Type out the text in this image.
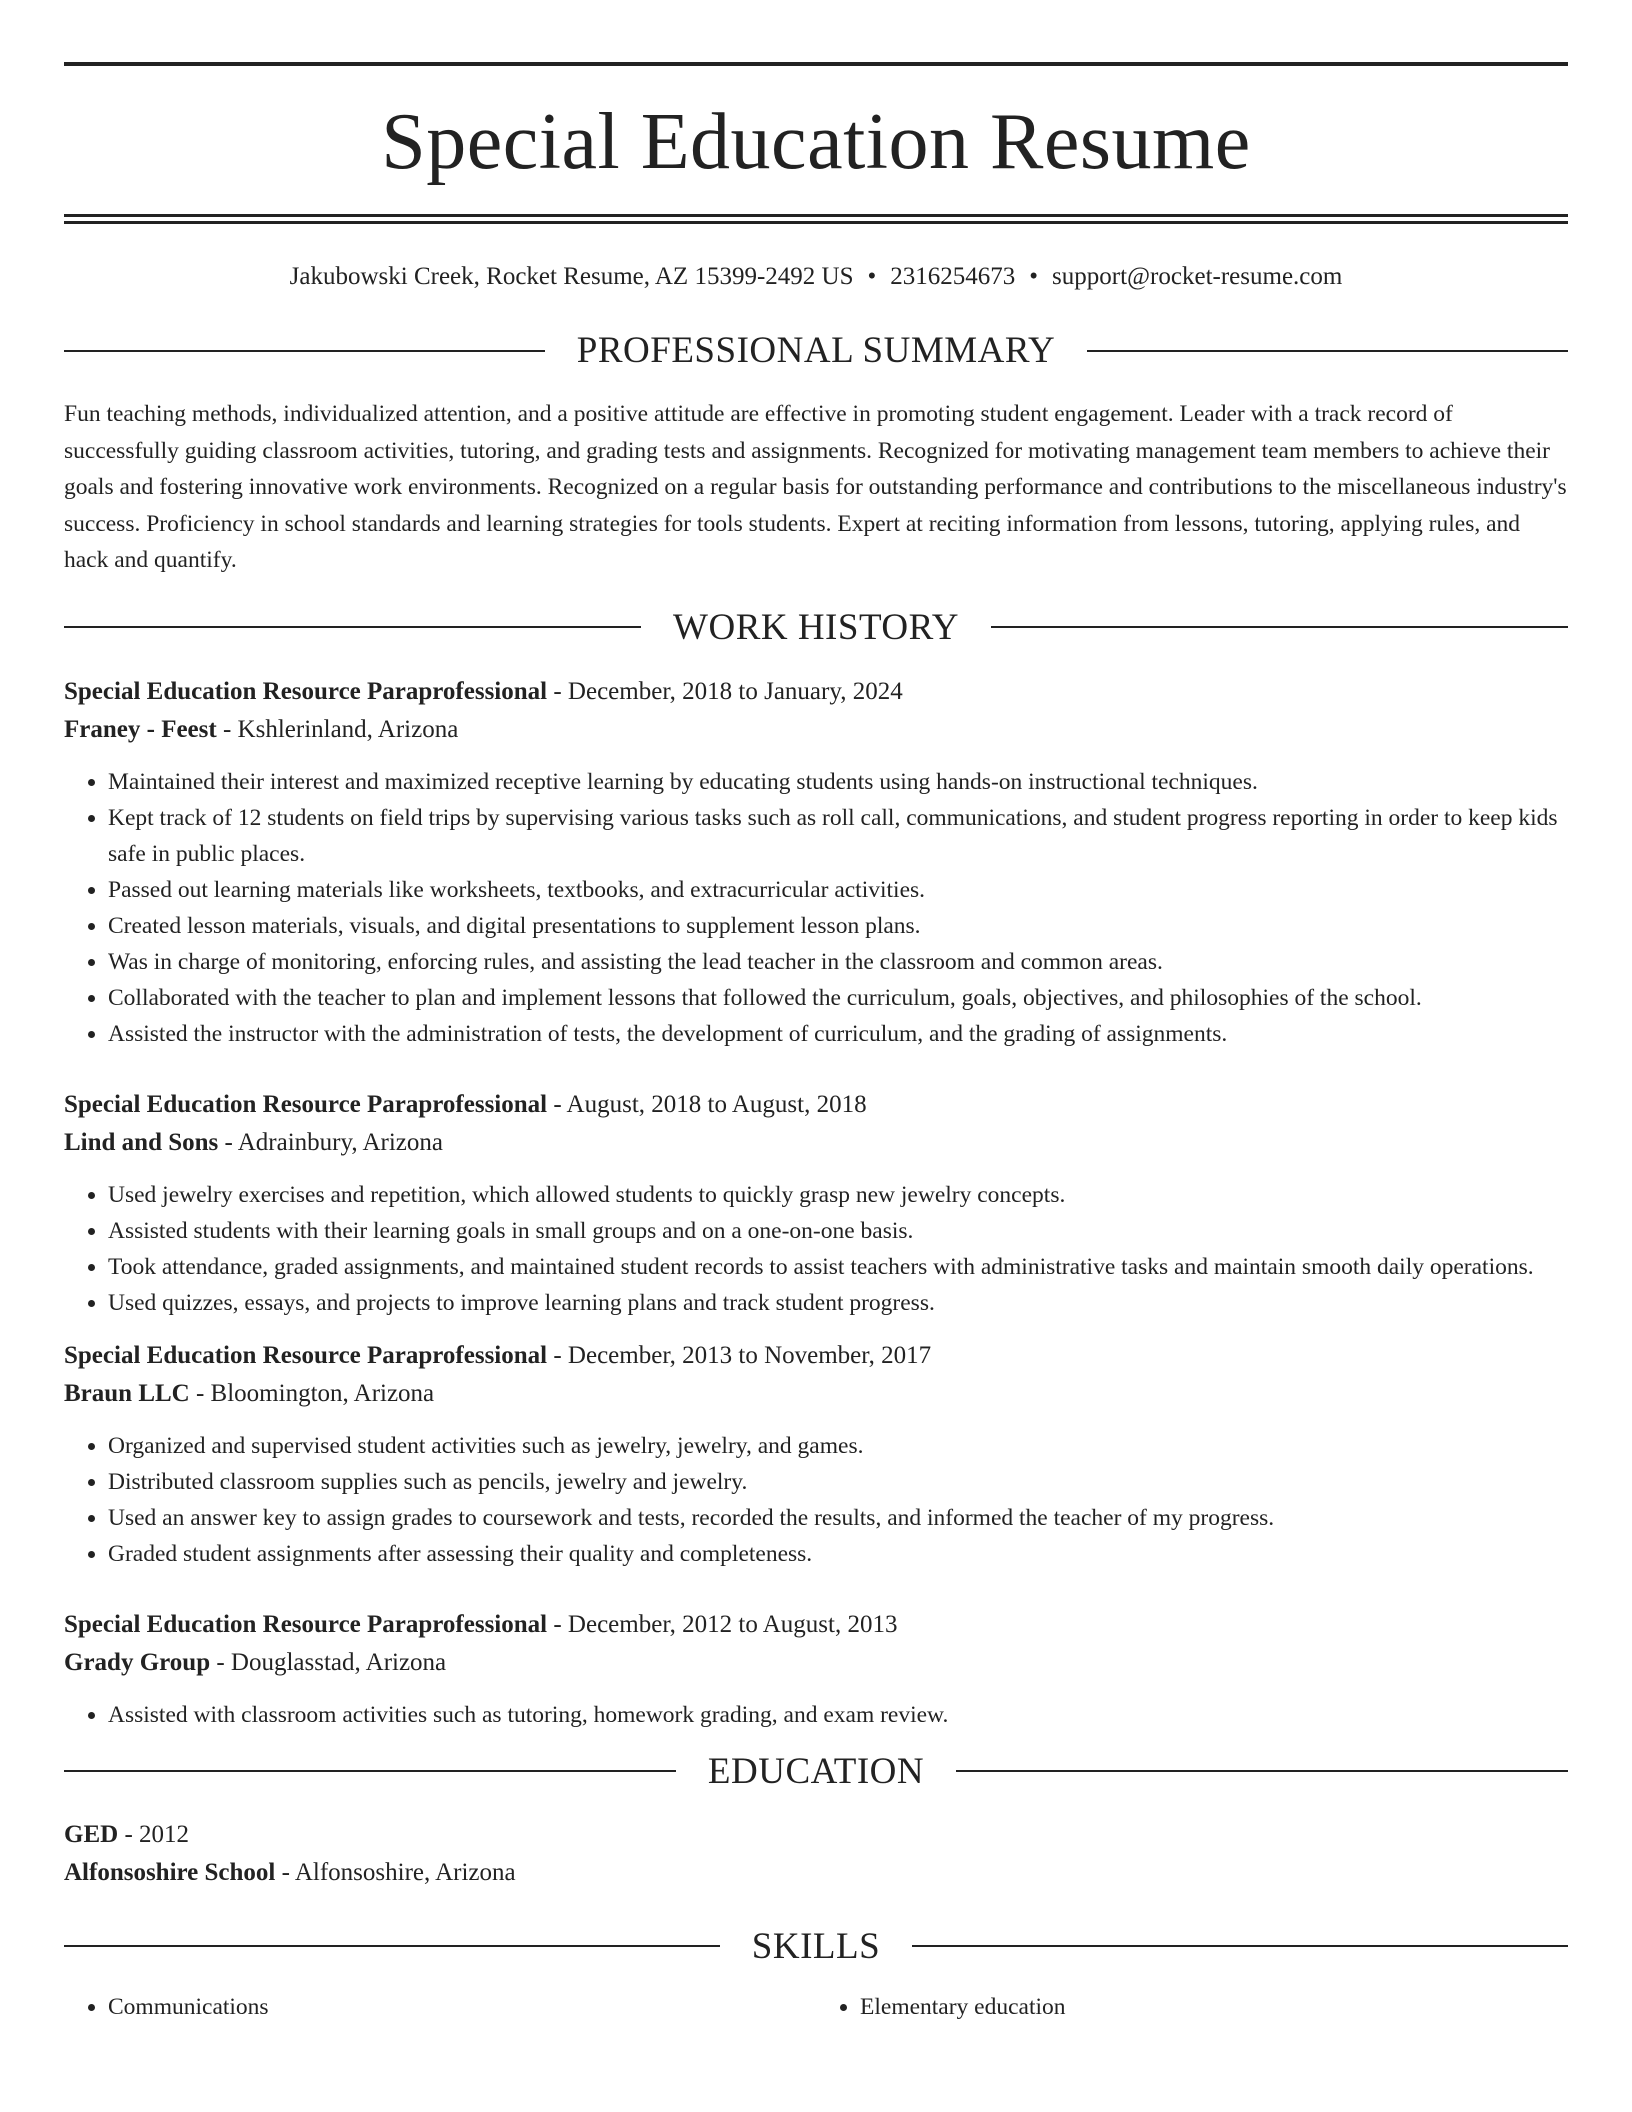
Special Education Resume
Jakubowski Creek, Rocket Resume, AZ 15399-2492 US • 2316254673 • support@rocket-resume.com
PROFESSIONAL SUMMARY

Fun teaching methods, individualized attention, and a positive attitude are effective in promoting student engagement. Leader with a track record of successfully guiding classroom activities, tutoring, and grading tests and assignments. Recognized for motivating management team members to achieve their goals and fostering innovative work environments. Recognized on a regular basis for outstanding performance and contributions to the miscellaneous industry's success. Proficiency in school standards and learning strategies for tools students. Expert at reciting information from lessons, tutoring, applying rules, and hack and quantify.

WORK HISTORY
Special Education Resource Paraprofessional - December, 2018 to January, 2024
Franey - Feest - Kshlerinland, Arizona
• Maintained their interest and maximized receptive learning by educating students using hands-on instructional techniques.
• Kept track of 12 students on field trips by supervising various tasks such as roll call, communications, and student progress reporting in order to keep kids safe in public places.
• Passed out learning materials like worksheets, textbooks, and extracurricular activities.
• Created lesson materials, visuals, and digital presentations to supplement lesson plans.
• Was in charge of monitoring, enforcing rules, and assisting the lead teacher in the classroom and common areas.
• Collaborated with the teacher to plan and implement lessons that followed the curriculum, goals, objectives, and philosophies of the school.
• Assisted the instructor with the administration of tests, the development of curriculum, and the grading of assignments.
Special Education Resource Paraprofessional - August, 2018 to August, 2018
Lind and Sons - Adrainbury, Arizona
• Used jewelry exercises and repetition, which allowed students to quickly grasp new jewelry concepts.
• Assisted students with their learning goals in small groups and on a one-on-one basis.
• Took attendance, graded assignments, and maintained student records to assist teachers with administrative tasks and maintain smooth daily operations.
• Used quizzes, essays, and projects to improve learning plans and track student progress.
Special Education Resource Paraprofessional - December, 2013 to November, 2017
Braun LLC - Bloomington, Arizona
• Organized and supervised student activities such as jewelry, jewelry, and games.
• Distributed classroom supplies such as pencils, jewelry and jewelry.
• Used an answer key to assign grades to coursework and tests, recorded the results, and informed the teacher of my progress.
• Graded student assignments after assessing their quality and completeness.
Special Education Resource Paraprofessional - December, 2012 to August, 2013
Grady Group - Douglasstad, Arizona
• Assisted with classroom activities such as tutoring, homework grading, and exam review.
EDUCATION
GED - 2012
Alfonsoshire School - Alfonsoshire, Arizona
SKILLS
• Communications
•	Elementary education
